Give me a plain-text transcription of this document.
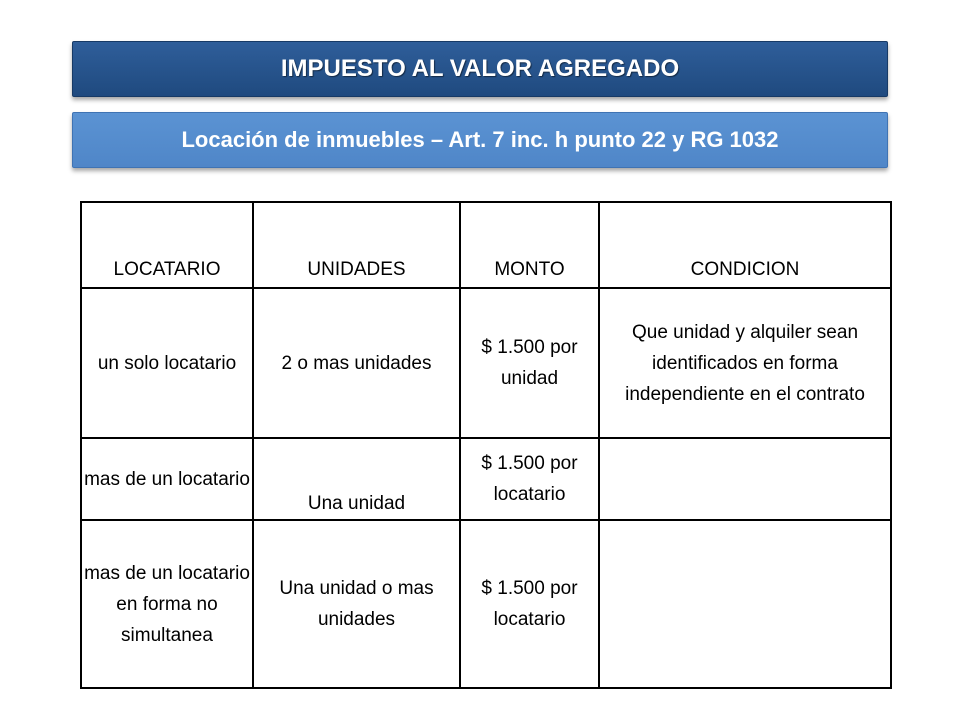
IMPUESTO AL VALOR AGREGADO
Locación de inmuebles – Art. 7 inc. h punto 22 y RG 1032
LOCATARIO	UNIDADES	MONTO	CONDICION
un solo locatario	2 o mas unidades	$ 1.500 por unidad	Que unidad y alquiler sean identificados en forma independiente en el contrato
mas de un locatario	Una unidad	$ 1.500 por locatario	
mas de un locatario en forma no simultanea	Una unidad o mas unidades	$ 1.500 por locatario	
